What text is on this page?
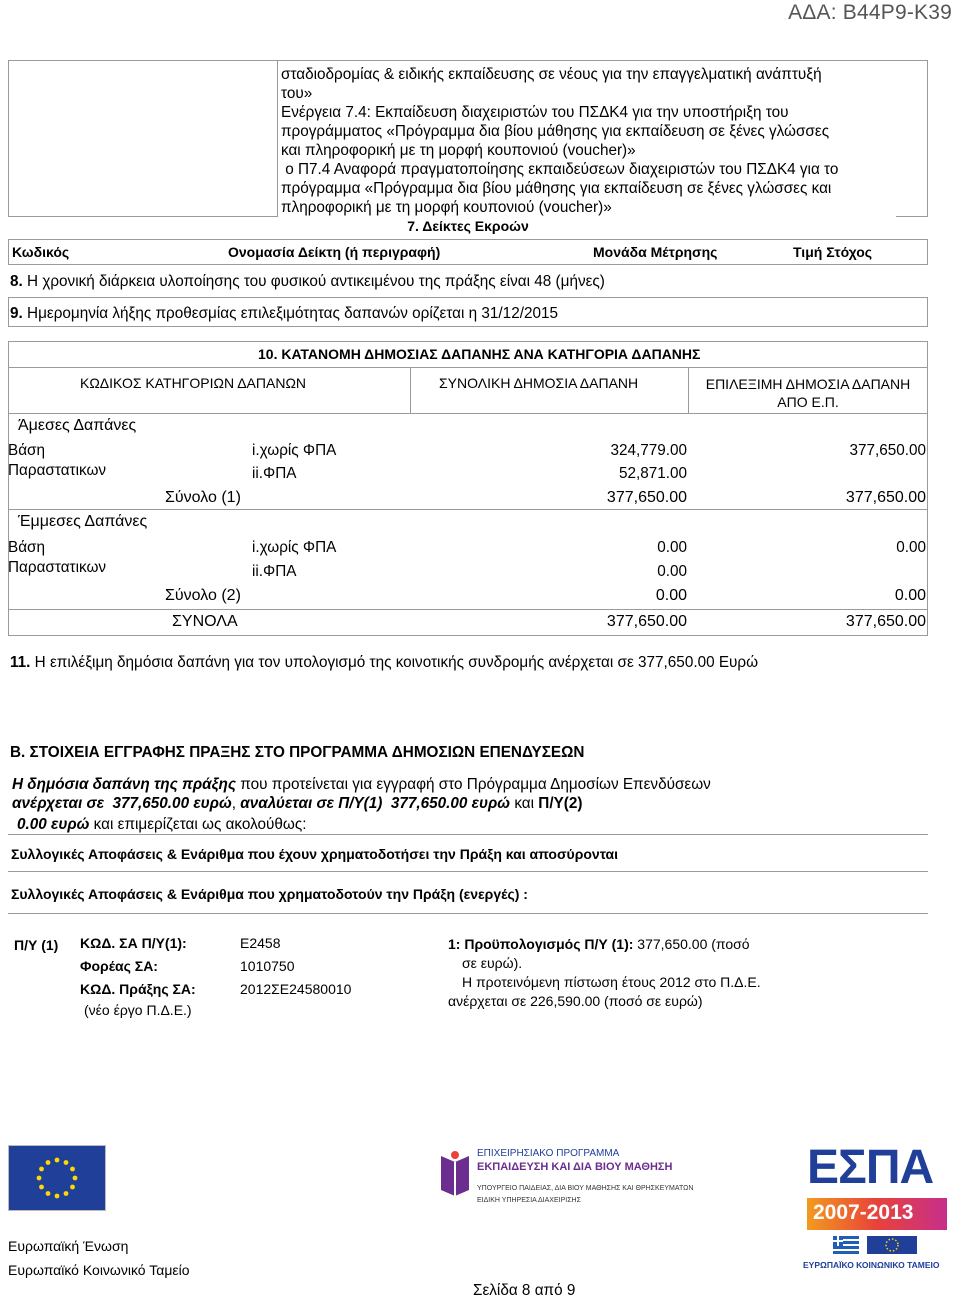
ΑΔΑ: Β44Ρ9-Κ39
σταδιοδρομίας & ειδικής εκπαίδευσης σε νέους για την επαγγελματική ανάπτυξή
του»
Ενέργεια 7.4: Εκπαίδευση διαχειριστών του ΠΣΔΚ4 για την υποστήριξη του
προγράμματος «Πρόγραμμα δια βίου μάθησης για εκπαίδευση σε ξένες γλώσσες
και πληροφορική με τη μορφή κουπονιού (voucher)»
ο Π7.4 Αναφορά πραγματοποίησης εκπαιδεύσεων διαχειριστών του ΠΣΔΚ4 για το
πρόγραμμα «Πρόγραμμα δια βίου μάθησης για εκπαίδευση σε ξένες γλώσσες και
πληροφορική με τη μορφή κουπονιού (voucher)»
7. Δείκτες Εκροών
Κωδικός	Ονομασία Δείκτη (ή περιγραφή)	Μονάδα Μέτρησης	Τιμή Στόχος
8. Η χρονική διάρκεια υλοποίησης του φυσικού αντικειμένου της πράξης είναι 48 (μήνες)
9. Ημερομηνία λήξης προθεσμίας επιλεξιμότητας δαπανών ορίζεται η 31/12/2015
10. ΚΑΤΑΝΟΜΗ ΔΗΜΟΣΙΑΣ ΔΑΠΑΝΗΣ ΑΝΑ ΚΑΤΗΓΟΡΙΑ ΔΑΠΑΝΗΣ
ΚΩΔΙΚΟΣ ΚΑΤΗΓΟΡΙΩΝ ΔΑΠΑΝΩΝ	ΣΥΝΟΛΙΚΗ ΔΗΜΟΣΙΑ ΔΑΠΑΝΗ	ΕΠΙΛΕΞΙΜΗ ΔΗΜΟΣΙΑ ΔΑΠΑΝΗ
ΑΠΟ Ε.Π.
Άμεσες Δαπάνες
Βάση
Παραστατικων
i.χωρίς ΦΠΑ	324,779.00	377,650.00
ii.ΦΠΑ	52,871.00
Σύνολο (1)	377,650.00	377,650.00
Έμμεσες Δαπάνες
Βάση
Παραστατικων
i.χωρίς ΦΠΑ	0.00	0.00
ii.ΦΠΑ	0.00
Σύνολο (2)	0.00	0.00
ΣΥΝΟΛΑ	377,650.00	377,650.00
11. Η επιλέξιμη δημόσια δαπάνη για τον υπολογισμό της κοινοτικής συνδρομής ανέρχεται σε 377,650.00 Ευρώ
Β. ΣΤΟΙΧΕΙΑ ΕΓΓΡΑΦΗΣ ΠΡΑΞΗΣ ΣΤΟ ΠΡΟΓΡΑΜΜΑ ΔΗΜΟΣΙΩΝ ΕΠΕΝΔΥΣΕΩΝ
Η δημόσια δαπάνη της πράξης που προτείνεται για εγγραφή στο Πρόγραμμα Δημοσίων Επενδύσεων
ανέρχεται σε  377,650.00 ευρώ, αναλύεται σε Π/Υ(1)  377,650.00 ευρώ και Π/Υ(2)
0.00 ευρώ και επιμερίζεται ως ακολούθως:
Συλλογικές Αποφάσεις & Ενάριθμα που έχουν χρηματοδοτήσει την Πράξη και αποσύρονται
Συλλογικές Αποφάσεις & Ενάριθμα που χρηματοδοτούν την Πράξη (ενεργές) :
Π/Υ (1) ΚΩΔ. ΣΑ Π/Υ(1):	Ε2458
Φορέας ΣΑ:	1010750
ΚΩΔ. Πράξης ΣΑ:	2012ΣΕ24580010
(νέο έργο Π.Δ.Ε.)
1: Προϋπολογισμός Π/Υ (1): 377,650.00 (ποσό
σε ευρώ).
Η προτεινόμενη πίστωση έτους 2012 στο Π.Δ.Ε.
ανέρχεται σε 226,590.00 (ποσό σε ευρώ)
Ευρωπαϊκή Ένωση
Ευρωπαϊκό Κοινωνικό Ταμείο
ΕΠΙΧΕΙΡΗΣΙΑΚΟ ΠΡΟΓΡΑΜΜΑ
ΕΚΠΑΙΔΕΥΣΗ ΚΑΙ ΔΙΑ ΒΙΟΥ ΜΑΘΗΣΗ
ΥΠΟΥΡΓΕΙΟ ΠΑΙΔΕΙΑΣ, ΔΙΑ ΒΙΟΥ ΜΑΘΗΣΗΣ ΚΑΙ ΘΡΗΣΚΕΥΜΑΤΩΝ
ΕΙΔΙΚΗ ΥΠΗΡΕΣΙΑ ΔΙΑΧΕΙΡΙΣΗΣ
ΕΣΠΑ
2007-2013
ΕΥΡΩΠΑΪΚΟ ΚΟΙΝΩΝΙΚΟ ΤΑΜΕΙΟ
Σελίδα 8 από 9
